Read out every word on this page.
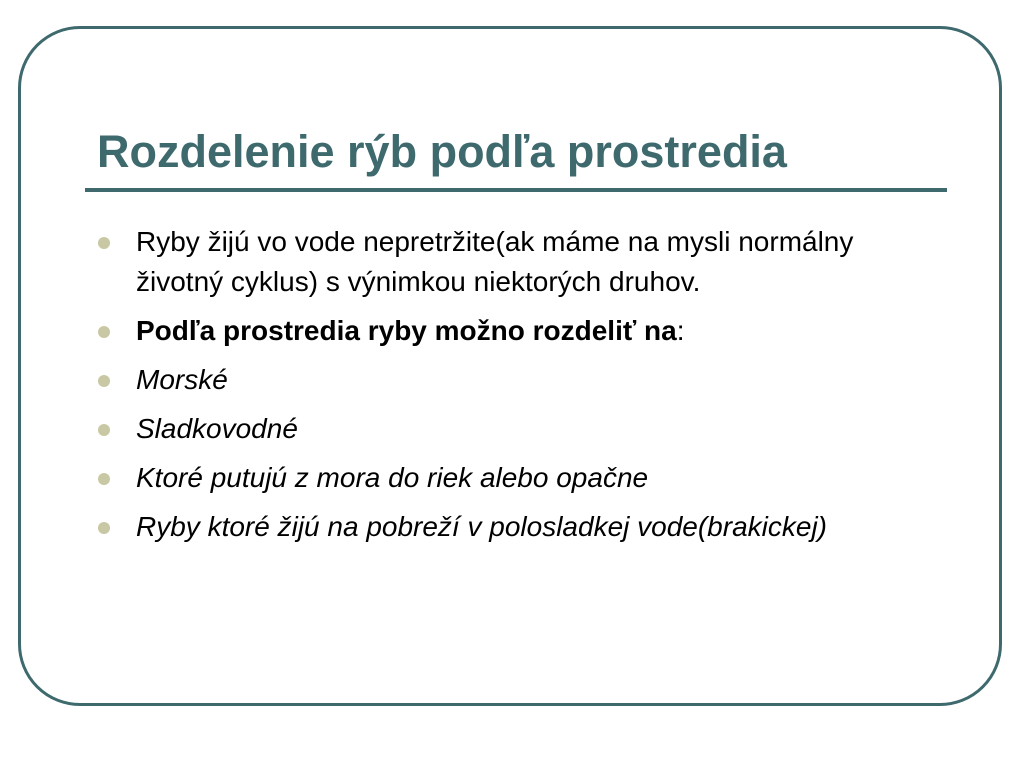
Rozdelenie rýb podľa prostredia
Ryby žijú vo vode nepretržite(ak máme na mysli normálny životný cyklus) s výnimkou niektorých druhov.
Podľa prostredia ryby možno rozdeliť na:
Morské
Sladkovodné
Ktoré putujú z mora do riek alebo opačne
Ryby ktoré žijú na pobreží v polosladkej vode(brakickej)
